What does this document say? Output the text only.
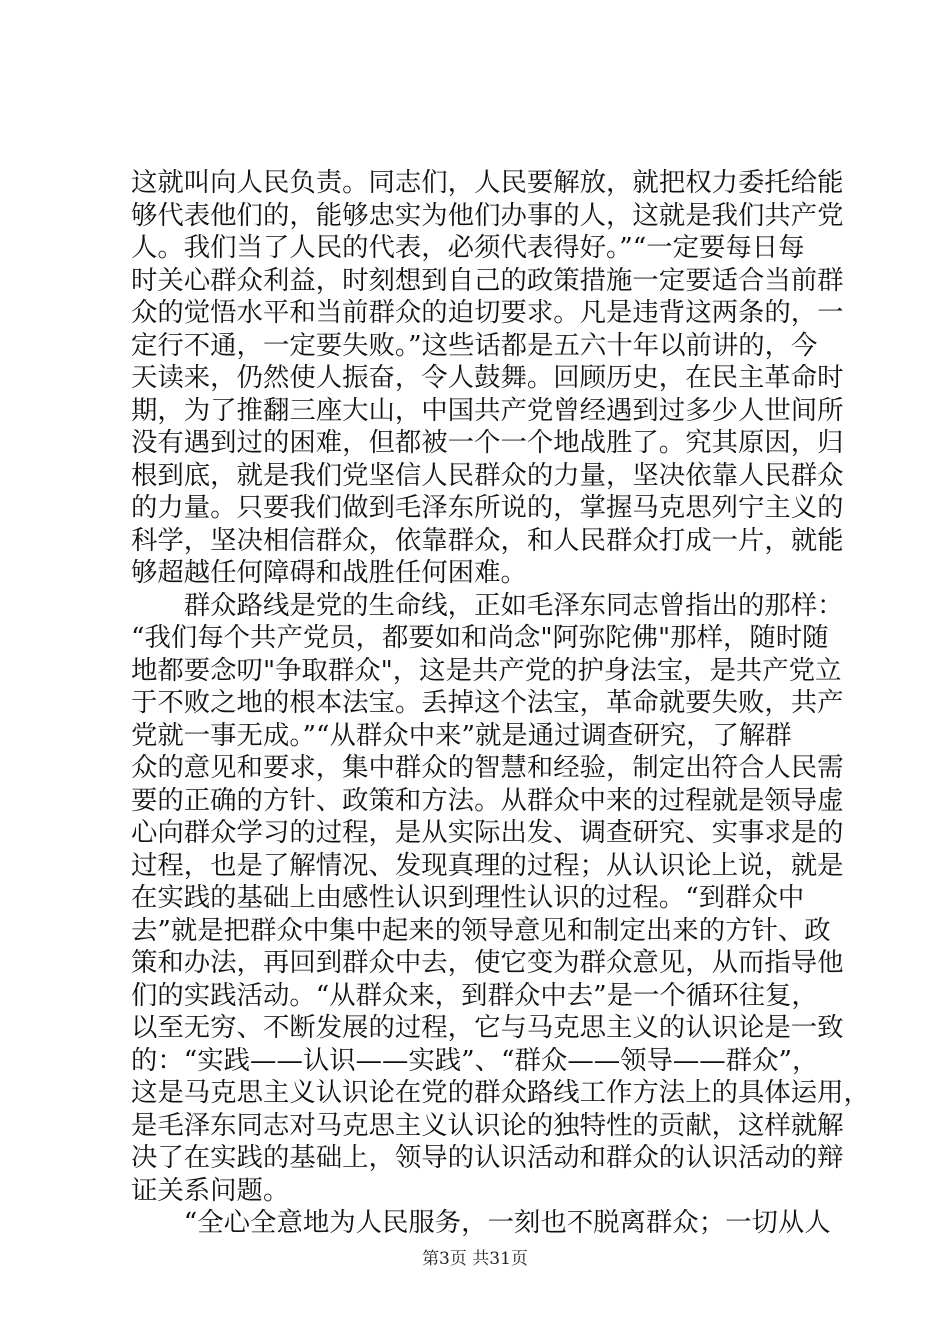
这就叫向人民负责。同志们，人民要解放，就把权力委托给能
够代表他们的，能够忠实为他们办事的人，这就是我们共产党
人。我们当了人民的代表，必须代表得好。”“一定要每日每
时关心群众利益，时刻想到自己的政策措施一定要适合当前群
众的觉悟水平和当前群众的迫切要求。凡是违背这两条的，一
定行不通，一定要失败。”这些话都是五六十年以前讲的，今
天读来，仍然使人振奋，令人鼓舞。回顾历史，在民主革命时
期，为了推翻三座大山，中国共产党曾经遇到过多少人世间所
没有遇到过的困难，但都被一个一个地战胜了。究其原因，归
根到底，就是我们党坚信人民群众的力量，坚决依靠人民群众
的力量。只要我们做到毛泽东所说的，掌握马克思列宁主义的
科学，坚决相信群众，依靠群众，和人民群众打成一片，就能
够超越任何障碍和战胜任何困难。
　　群众路线是党的生命线，正如毛泽东同志曾指出的那样：
“我们每个共产党员，都要如和尚念"阿弥陀佛"那样，随时随
地都要念叨"争取群众"，这是共产党的护身法宝，是共产党立
于不败之地的根本法宝。丢掉这个法宝，革命就要失败，共产
党就一事无成。”“从群众中来”就是通过调查研究，了解群
众的意见和要求，集中群众的智慧和经验，制定出符合人民需
要的正确的方针、政策和方法。从群众中来的过程就是领导虚
心向群众学习的过程，是从实际出发、调查研究、实事求是的
过程，也是了解情况、发现真理的过程；从认识论上说，就是
在实践的基础上由感性认识到理性认识的过程。“到群众中
去”就是把群众中集中起来的领导意见和制定出来的方针、政
策和办法，再回到群众中去，使它变为群众意见，从而指导他
们的实践活动。“从群众来，到群众中去”是一个循环往复，
以至无穷、不断发展的过程，它与马克思主义的认识论是一致
的：“实践——认识——实践”、“群众——领导——群众”，
这是马克思主义认识论在党的群众路线工作方法上的具体运用，
是毛泽东同志对马克思主义认识论的独特性的贡献，这样就解
决了在实践的基础上，领导的认识活动和群众的认识活动的辩
证关系问题。
　　“全心全意地为人民服务，一刻也不脱离群众；一切从人
第3页 共31页
